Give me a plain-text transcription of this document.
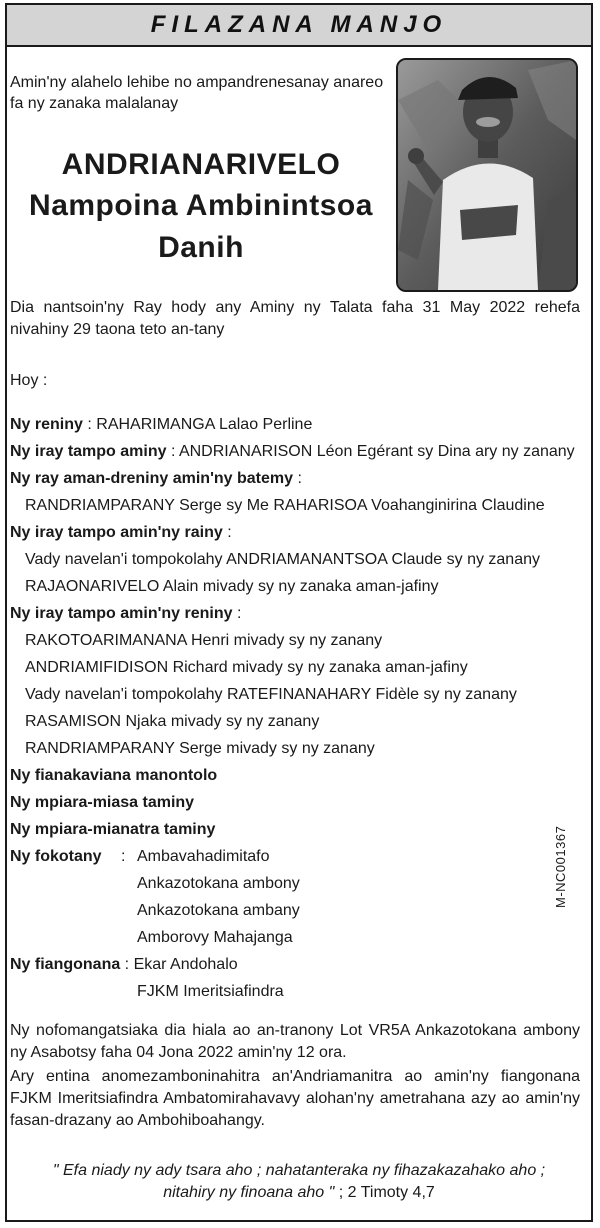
FILAZANA MANJO
Amin'ny alahelo lehibe no ampandrenesanay anareo fa ny zanaka malalanay
ANDRIANARIVELO
Nampoina Ambinintsoa
Danih
Dia nantsoin'ny Ray hody any Aminy ny Talata faha 31 May 2022 rehefa nivahiny 29 taona teto an-tany
Hoy :
Ny reniny : RAHARIMANGA Lalao Perline
Ny iray tampo aminy : ANDRIANARISON Léon Egérant sy Dina ary ny zanany
Ny ray aman-dreniny amin'ny batemy :
RANDRIAMPARANY Serge sy Me RAHARISOA Voahanginirina Claudine
Ny iray tampo amin'ny rainy :
Vady navelan'i tompokolahy ANDRIAMANANTSOA Claude sy ny zanany
RAJAONARIVELO Alain mivady sy ny zanaka aman-jafiny
Ny iray tampo amin'ny reniny :
RAKOTOARIMANANA Henri mivady sy ny zanany
ANDRIAMIFIDISON Richard mivady sy ny zanaka aman-jafiny
Vady navelan'i tompokolahy RATEFINANAHARY Fidèle sy ny zanany
RASAMISON Njaka mivady sy ny zanany
RANDRIAMPARANY Serge mivady sy ny zanany
Ny fianakaviana manontolo
Ny mpiara-miasa taminy
Ny mpiara-mianatra taminy
Ny fokotany : Ambavahadimitafo
Ankazotokana ambony
Ankazotokana ambany
Amborovy Mahajanga
Ny fiangonana : Ekar Andohalo
FJKM Imeritsiafindra
M-NC001367
Ny nofomangatsiaka dia hiala ao an-tranony Lot VR5A Ankazotokana ambony ny Asabotsy faha 04 Jona 2022 amin'ny 12 ora.
Ary entina anomezamboninahitra an'Andriamanitra ao amin'ny fiangonana FJKM Imeritsiafindra Ambatomirahavavy alohan'ny ametrahana azy ao amin'ny fasan-drazany ao Ambohiboahangy.
" Efa niady ny ady tsara aho ; nahatanteraka ny fihazakazahako aho ;
nitahiry ny finoana aho " ; 2 Timoty 4,7
